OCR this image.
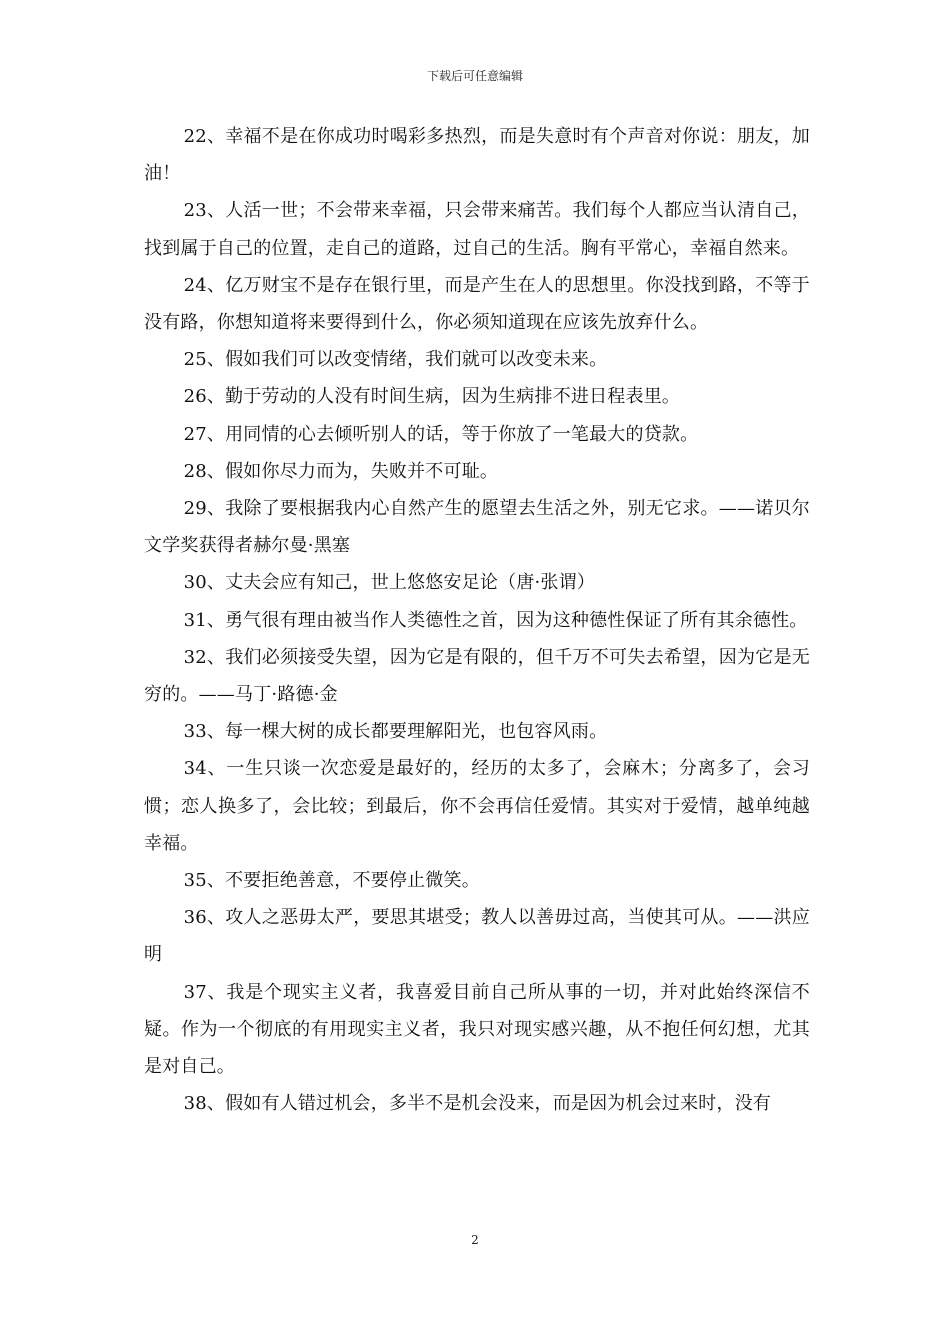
下载后可任意编辑

22、幸福不是在你成功时喝彩多热烈，而是失意时有个声音对你说：朋友，加油！

23、人活一世；不会带来幸福，只会带来痛苦。我们每个人都应当认清自己，找到属于自己的位置，走自己的道路，过自己的生活。胸有平常心，幸福自然来。

24、亿万财宝不是存在银行里，而是产生在人的思想里。你没找到路，不等于没有路，你想知道将来要得到什么，你必须知道现在应该先放弃什么。

25、假如我们可以改变情绪，我们就可以改变未来。

26、勤于劳动的人没有时间生病，因为生病排不进日程表里。

27、用同情的心去倾听别人的话，等于你放了一笔最大的贷款。

28、假如你尽力而为，失败并不可耻。

29、我除了要根据我内心自然产生的愿望去生活之外，别无它求。——诺贝尔文学奖获得者赫尔曼·黑塞

30、丈夫会应有知己，世上悠悠安足论（唐·张谓）

31、勇气很有理由被当作人类德性之首，因为这种德性保证了所有其余德性。

32、我们必须接受失望，因为它是有限的，但千万不可失去希望，因为它是无穷的。——马丁·路德·金

33、每一棵大树的成长都要理解阳光，也包容风雨。

34、一生只谈一次恋爱是最好的，经历的太多了，会麻木；分离多了，会习惯；恋人换多了，会比较；到最后，你不会再信任爱情。其实对于爱情，越单纯越幸福。

35、不要拒绝善意，不要停止微笑。

36、攻人之恶毋太严，要思其堪受；教人以善毋过高，当使其可从。——洪应明

37、我是个现实主义者，我喜爱目前自己所从事的一切，并对此始终深信不疑。作为一个彻底的有用现实主义者，我只对现实感兴趣，从不抱任何幻想，尤其是对自己。

38、假如有人错过机会，多半不是机会没来，而是因为机会过来时，没有

2
